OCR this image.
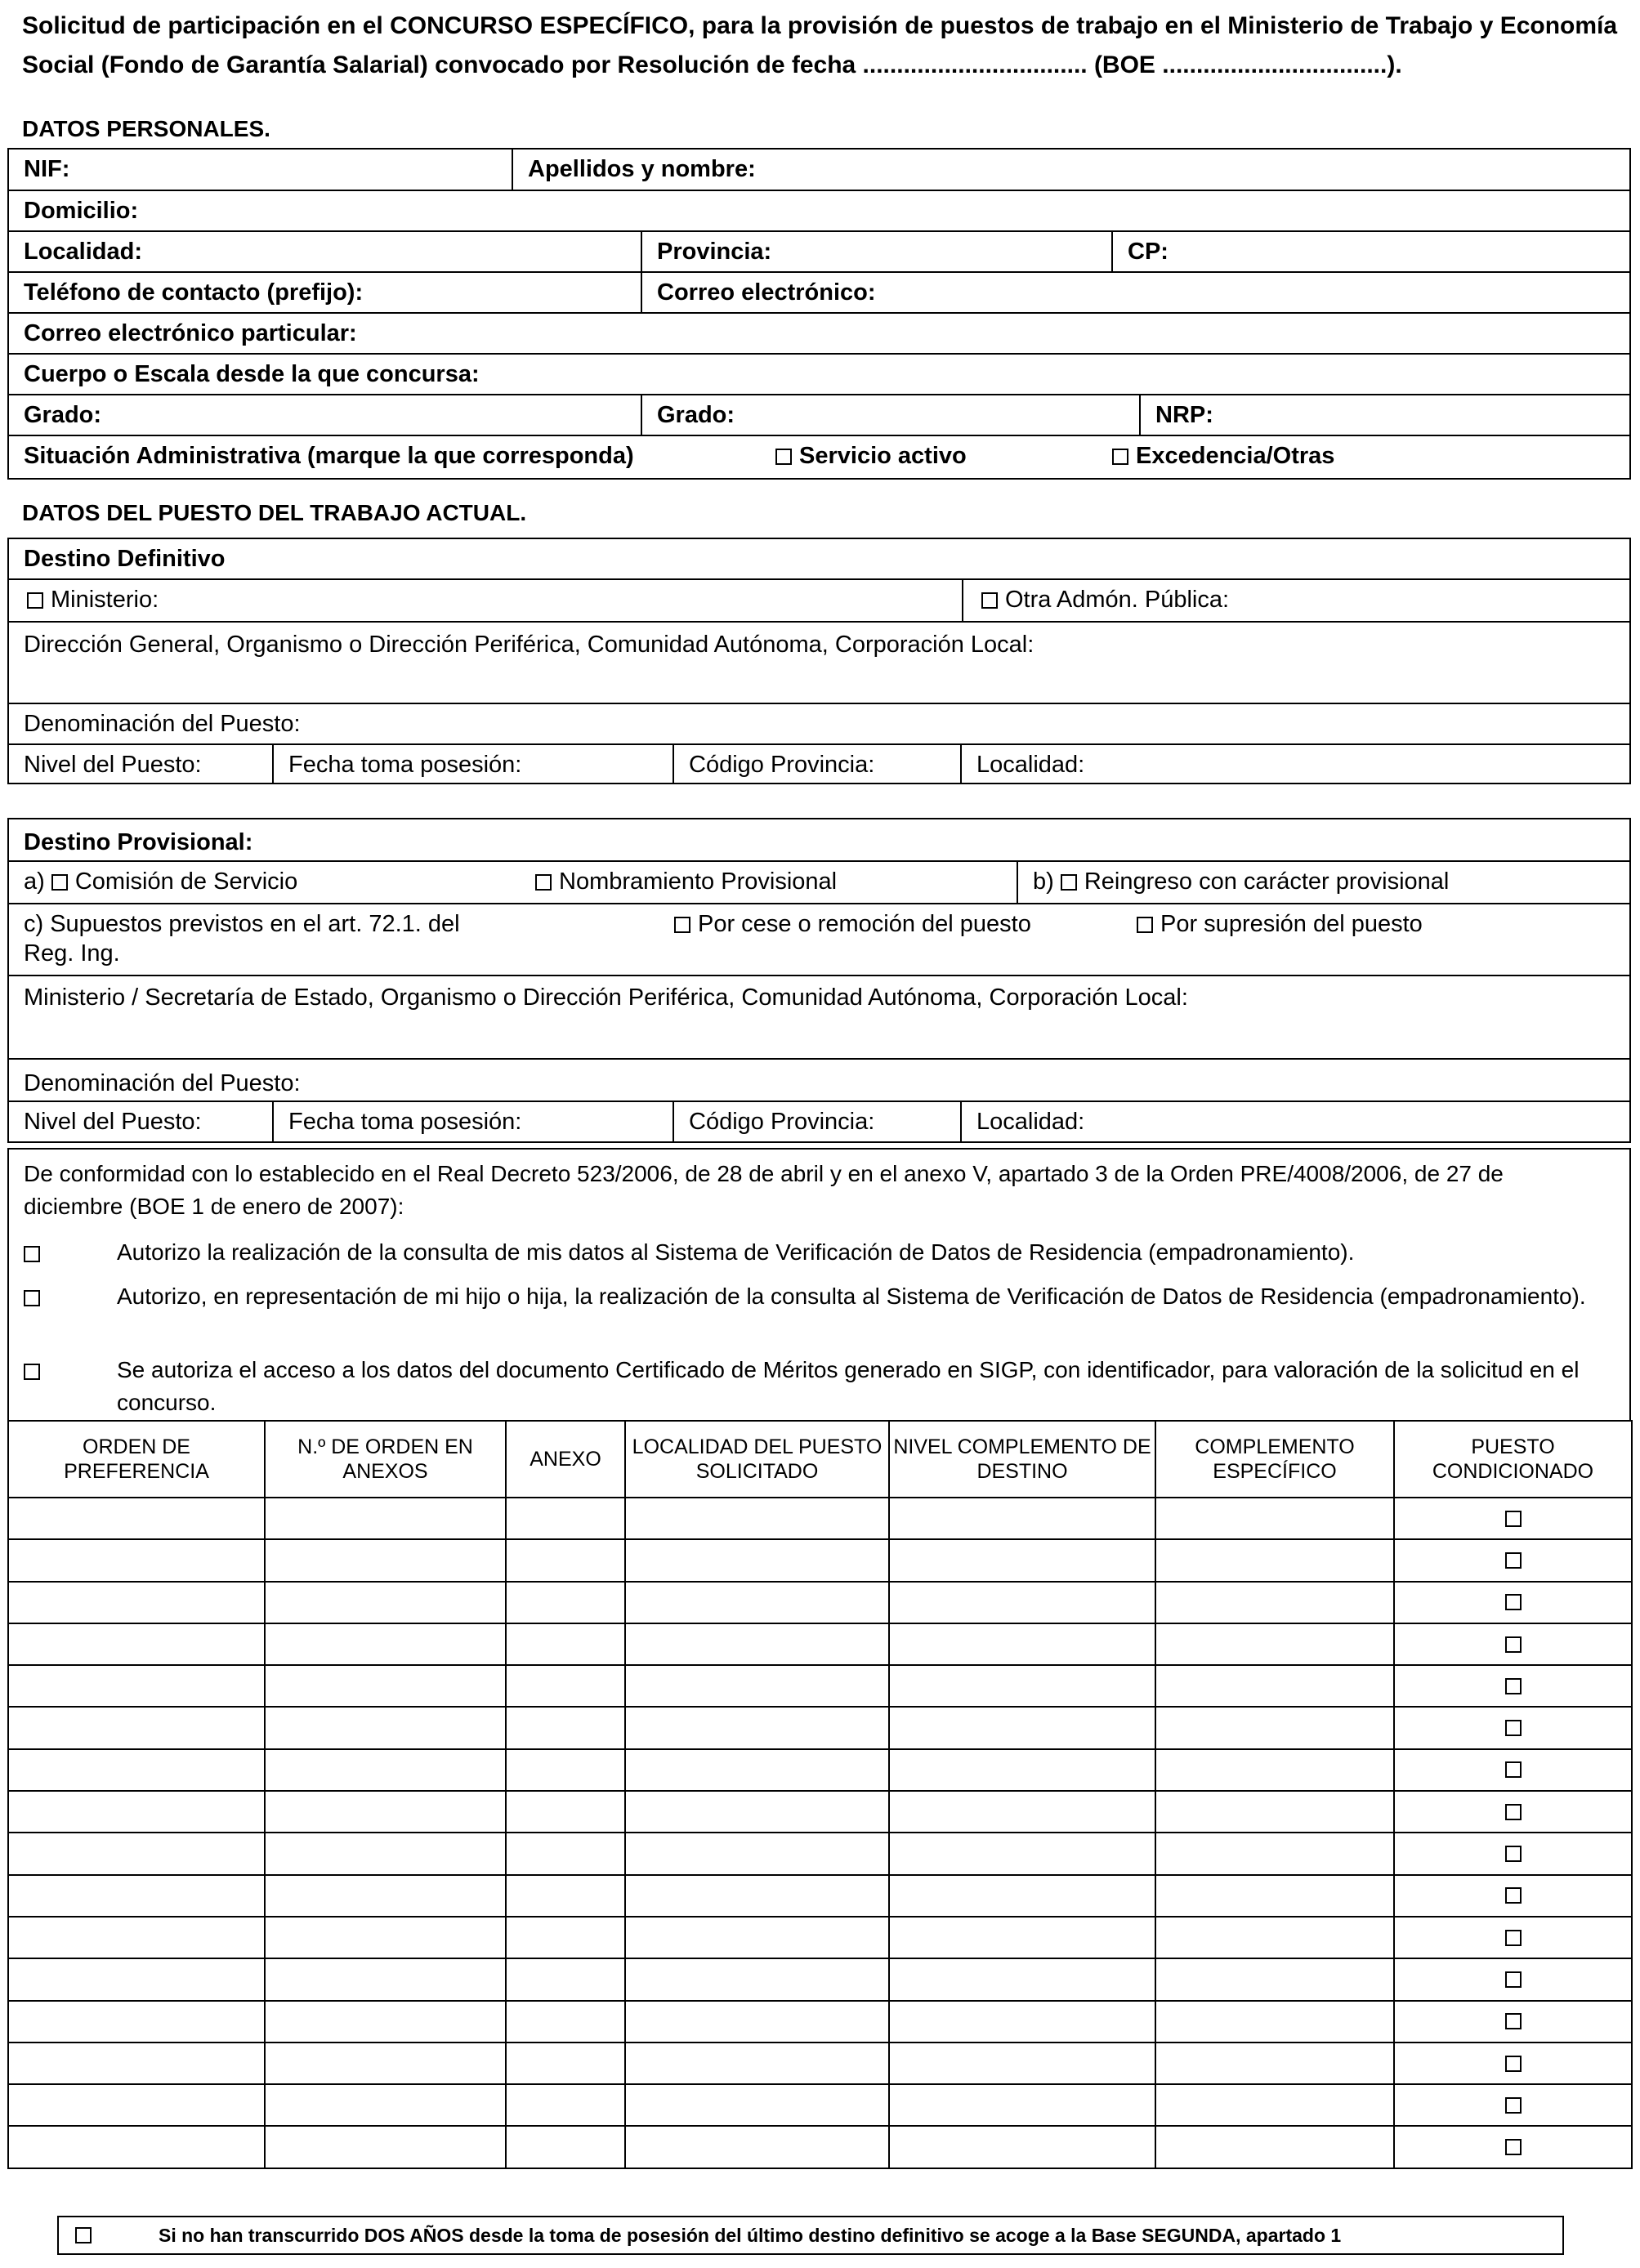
Solicitud de participación en el CONCURSO ESPECÍFICO, para la provisión de puestos de trabajo en el Ministerio de Trabajo y Economía Social (Fondo de Garantía Salarial) convocado por Resolución de fecha ................................. (BOE .................................).
DATOS PERSONALES.
NIF:	Apellidos y nombre:
Domicilio:
Localidad:	Provincia:	CP:
Teléfono de contacto (prefijo):	Correo electrónico:
Correo electrónico particular:
Cuerpo o Escala desde la que concursa:
Grado:	Grado:	NRP:
Situación Administrativa (marque la que corresponda)	Servicio activo	Excedencia/Otras
DATOS DEL PUESTO DEL TRABAJO ACTUAL.
Destino Definitivo
Ministerio:	Otra Admón. Pública:
Dirección General, Organismo o Dirección Periférica, Comunidad Autónoma, Corporación Local:
Denominación del Puesto:
Nivel del Puesto:	Fecha toma posesión:	Código Provincia:	Localidad:
Destino Provisional:
a) Comisión de Servicio	Nombramiento Provisional	b) Reingreso con carácter provisional
c) Supuestos previstos en el art. 72.1. del Reg. Ing.
Por cese o remoción del puesto	Por supresión del puesto
Ministerio / Secretaría de Estado, Organismo o Dirección Periférica, Comunidad Autónoma, Corporación Local:
Denominación del Puesto:
Nivel del Puesto:	Fecha toma posesión:	Código Provincia:	Localidad:
De conformidad con lo establecido en el Real Decreto 523/2006, de 28 de abril y en el anexo V, apartado 3 de la Orden PRE/4008/2006, de 27 de diciembre (BOE 1 de enero de 2007):
Autorizo la realización de la consulta de mis datos al Sistema de Verificación de Datos de Residencia (empadronamiento).
Autorizo, en representación de mi hijo o hija, la realización de la consulta al Sistema de Verificación de Datos de Residencia (empadronamiento).
Se autoriza el acceso a los datos del documento Certificado de Méritos generado en SIGP, con identificador, para valoración de la solicitud en el concurso.
ORDEN DE PREFERENCIA	N.º DE ORDEN EN ANEXOS	ANEXO	LOCALIDAD DEL PUESTO SOLICITADO	NIVEL COMPLEMENTO DE DESTINO	COMPLEMENTO ESPECÍFICO	PUESTO CONDICIONADO

Si no han transcurrido DOS AÑOS desde la toma de posesión del último destino definitivo se acoge a la Base SEGUNDA, apartado 1
